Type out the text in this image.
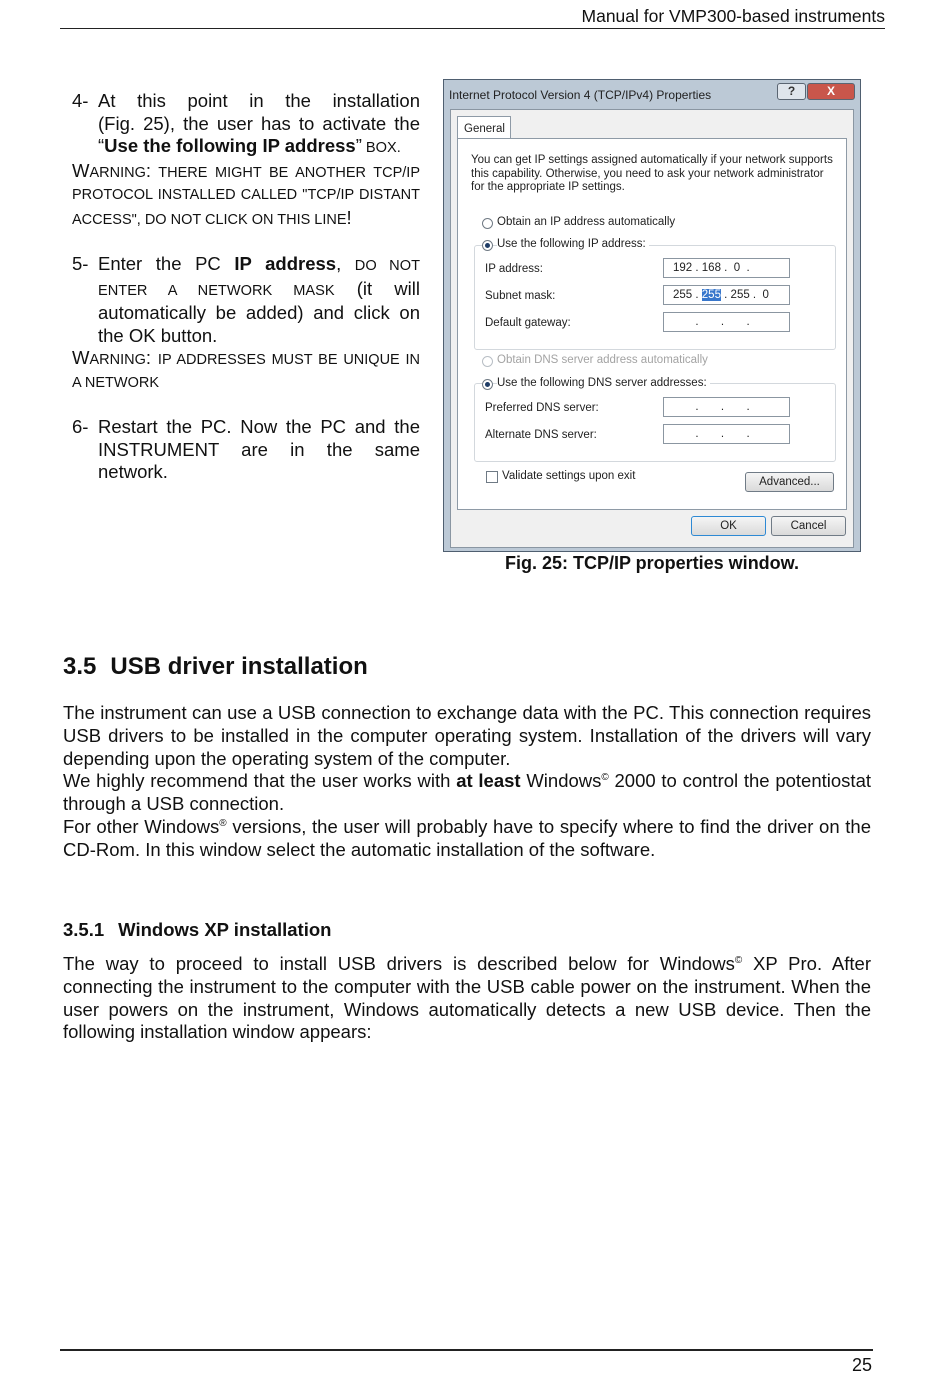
Manual for VMP300-based instruments
4- At this point in the installation
(Fig. 25), the user has to activate the
“Use the following IP address” BOX.
WARNING: THERE MIGHT BE ANOTHER TCP/IP PROTOCOL INSTALLED CALLED "TCP/IP DISTANT ACCESS", DO NOT CLICK ON THIS LINE!
5- Enter the PC IP address, DO NOT ENTER A NETWORK MASK (it will automatically be added) and click on the OK button.
WARNING: IP ADDRESSES MUST BE UNIQUE IN A NETWORK
6- Restart the PC. Now the PC and the INSTRUMENT are in the same network.
Internet Protocol Version 4 (TCP/IPv4) Properties	?	X
General
You can get IP settings assigned automatically if your network supports
this capability. Otherwise, you need to ask your network administrator
for the appropriate IP settings.
Obtain an IP address automatically
Use the following IP address:
IP address:	192 . 168 .  0  .
Subnet mask:	255 . 255 . 255 .  0
Default gateway:	.       .       .
Obtain DNS server address automatically
Use the following DNS server addresses:
Preferred DNS server:	.       .       .
Alternate DNS server:	.       .       .
Validate settings upon exit	Advanced...
OK	Cancel
Fig. 25: TCP/IP properties window.
3.5 USB driver installation

The instrument can use a USB connection to exchange data with the PC. This connection requires USB drivers to be installed in the computer operating system. Installation of the drivers will vary depending upon the operating system of the computer.

We highly recommend that the user works with at least Windows© 2000 to control the potentiostat through a USB connection.

For other Windows® versions, the user will probably have to specify where to find the driver on the CD-Rom. In this window select the automatic installation of the software.

3.5.1 Windows XP installation

The way to proceed to install USB drivers is described below for Windows© XP Pro. After connecting the instrument to the computer with the USB cable power on the instrument. When the user powers on the instrument, Windows automatically detects a new USB device. Then the following installation window appears:

25
